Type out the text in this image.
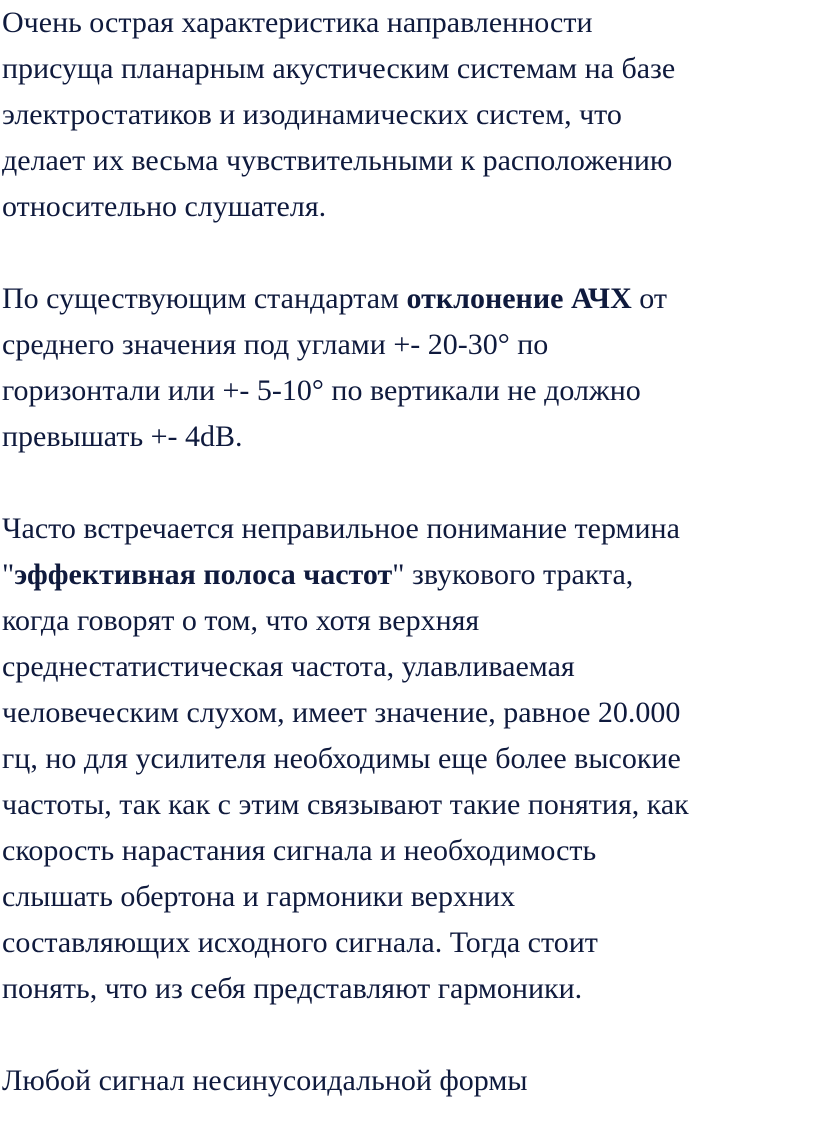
Очень острая характеристика направленности
присуща планарным акустическим системам на базе
электростатиков и изодинамических систем, что
делает их весьма чувствительными к расположению
относительно слушателя.

По существующим стандартам отклонение АЧХ от
среднего значения под углами +- 20-30° по
горизонтали или +- 5-10° по вертикали не должно
превышать +- 4dB.

Часто встречается неправильное понимание термина
"эффективная полоса частот" звукового тракта,
когда говорят о том, что хотя верхняя
среднестатистическая частота, улавливаемая
человеческим слухом, имеет значение, равное 20.000
гц, но для усилителя необходимы еще более высокие
частоты, так как с этим связывают такие понятия, как
скорость нарастания сигнала и необходимость
слышать обертона и гармоники верхних
составляющих исходного сигнала. Тогда стоит
понять, что из себя представляют гармоники.

Любой сигнал несинусоидальной формы
